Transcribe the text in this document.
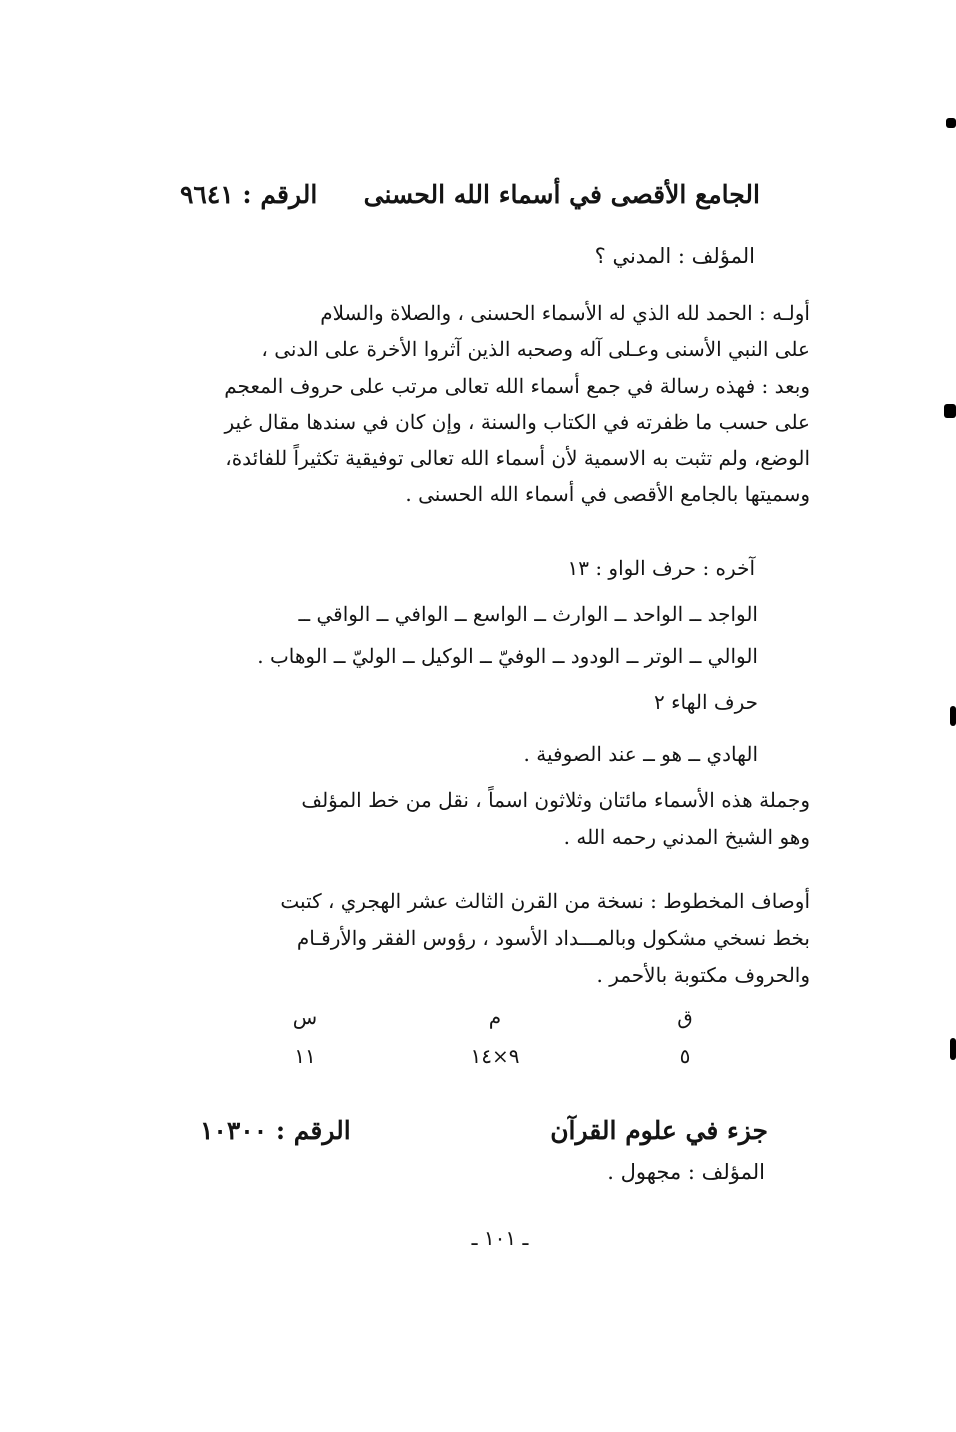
الجامع الأقصى في أسماء الله الحسنى
الرقم : ٩٦٤١
المؤلف : المدني ؟
أولـه : الحمد لله الذي له الأسماء الحسنى ، والصلاة والسلام
على النبي الأسنى وعـلى آله وصحبه الذين آثروا الأخرة على الدنى ،
وبعد : فهذه رسالة في جمع أسماء الله تعالى مرتب على حروف المعجم
على حسب ما ظفرته في الكتاب والسنة ، وإن كان في سندها مقال غير
الوضع، ولم تثبت به الاسمية لأن أسماء الله تعالى توفيقية تكثيراً للفائدة،
وسميتها بالجامع الأقصى في أسماء الله الحسنى .
آخره : حرف الواو : ١٣
الواجد ــ الواحد ــ الوارث ــ الواسع ــ الوافي ــ الواقي ــ
الوالي ــ الوتر ــ الودود ــ الوفيّ ــ الوكيل ــ الوليّ ــ الوهاب .
حرف الهاء ٢
الهادي ــ هو ــ عند الصوفية .
وجملة هذه الأسماء مائتان وثلاثون اسماً ، نقل من خط المؤلف
وهو الشيخ المدني رحمه الله .
أوصاف المخطوط : نسخة من القرن الثالث عشر الهجري ، كتبت
بخط نسخي مشكول وبالمـــداد الأسود ، رؤوس الفقر والأرقـام
والحروف مكتوبة بالأحمر .
ق
م
س
٥
٩×١٤
١١
جزء في علوم القرآن
الرقم : ١٠٣٠٠
المؤلف : مجهول .
ـ ١٠١ ـ
